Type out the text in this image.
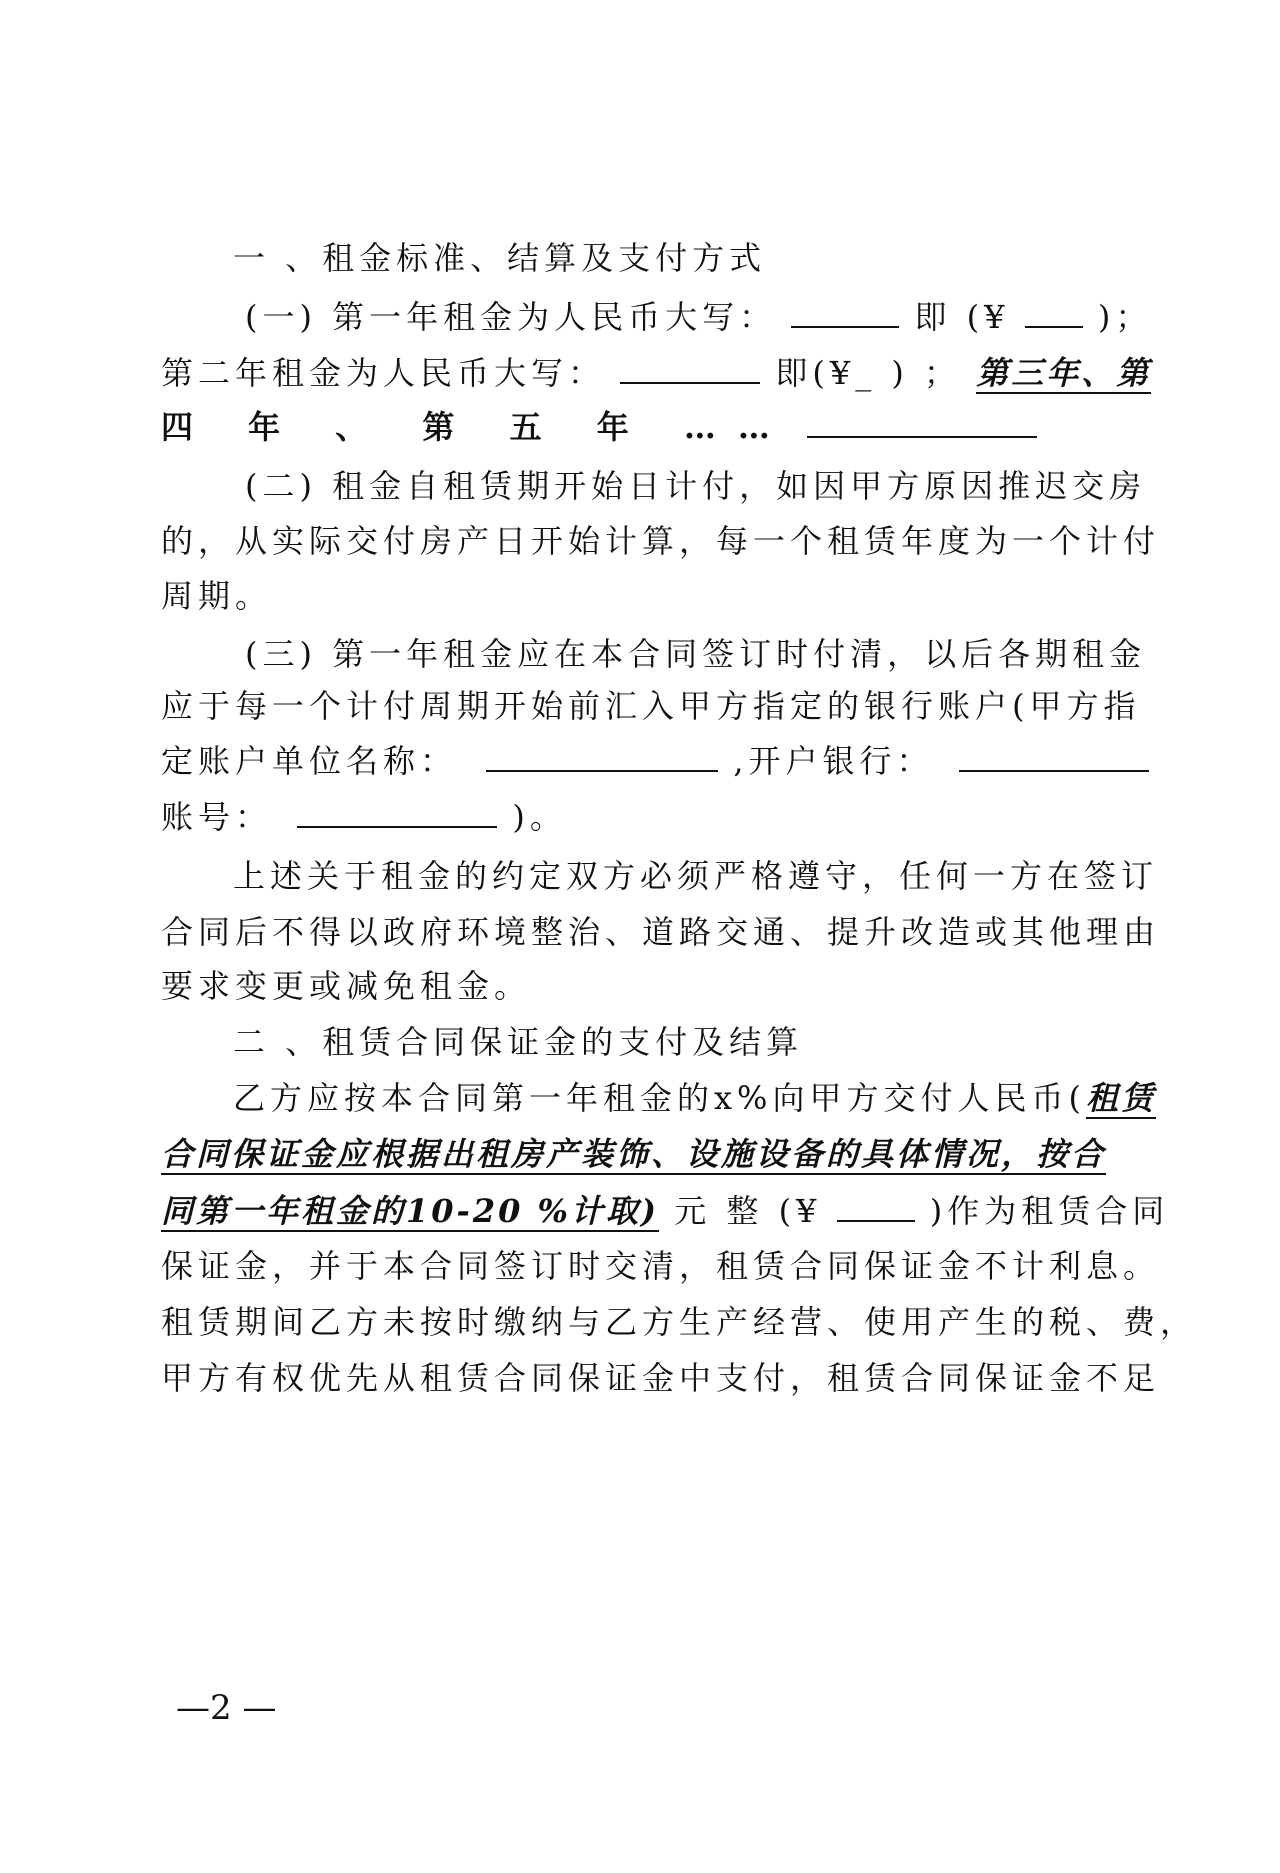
一 、租金标准、结算及支付方式
(一) 第一年租金为人民币大写：	即 (¥	)；
第二年租金为人民币大写：	即(¥_ ) ； 第三年、第
四 年 、 第 五 年 ……
(二) 租金自租赁期开始日计付，如因甲方原因推迟交房
的，从实际交付房产日开始计算，每一个租赁年度为一个计付
周期。
(三) 第一年租金应在本合同签订时付清，以后各期租金
应于每一个计付周期开始前汇入甲方指定的银行账户(甲方指
定账户单位名称：	,开户银行：
账号：	)。
上述关于租金的约定双方必须严格遵守，任何一方在签订
合同后不得以政府环境整治、道路交通、提升改造或其他理由
要求变更或减免租金。
二 、租赁合同保证金的支付及结算
乙方应按本合同第一年租金的x%向甲方交付人民币(租赁
合同保证金应根据出租房产装饰、设施设备的具体情况，按合
同第一年租金的10-20 %计取) 元 整 (¥	)作为租赁合同
保证金，并于本合同签订时交清，租赁合同保证金不计利息。
租赁期间乙方未按时缴纳与乙方生产经营、使用产生的税、费，
甲方有权优先从租赁合同保证金中支付，租赁合同保证金不足
—2 —
